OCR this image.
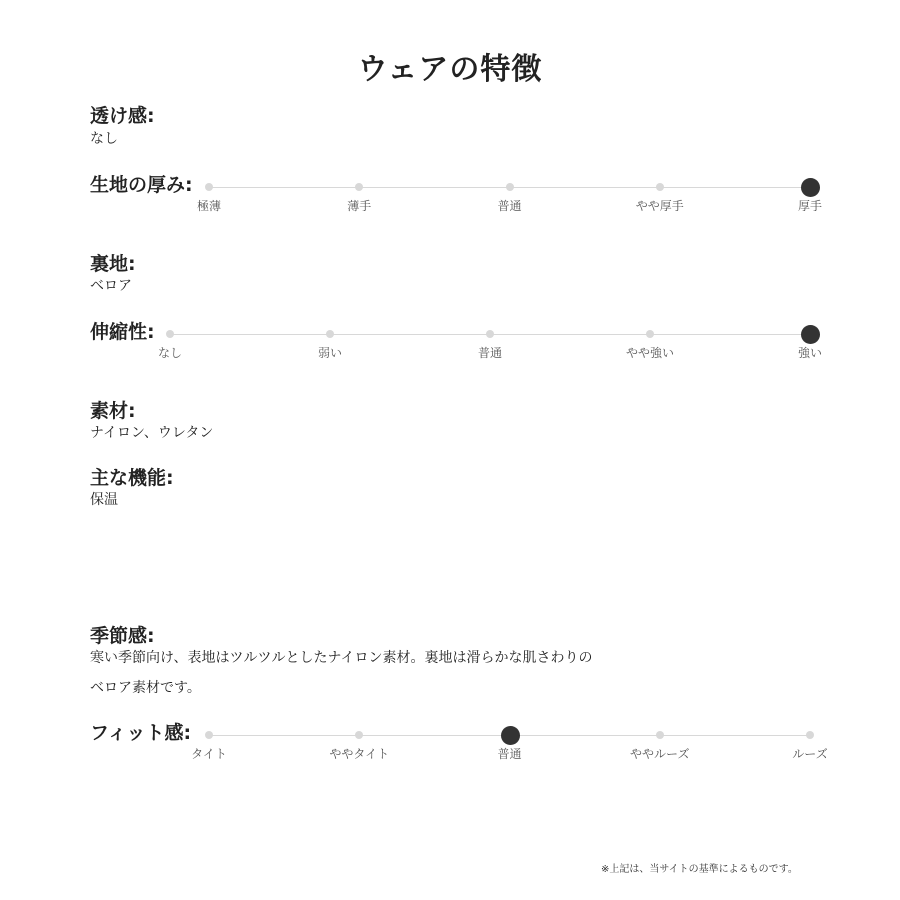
ウェアの特徴
透け感:
なし
生地の厚み:
極薄	薄手	普通	やや厚手	厚手
裏地:
ベロア
伸縮性:
なし	弱い	普通	やや強い	強い
素材:
ナイロン、ウレタン
主な機能:
保温
季節感:
寒い季節向け、表地はツルツルとしたナイロン素材。裏地は滑らかな肌さわりの
ベロア素材です。
フィット感:
タイト	ややタイト	普通	ややルーズ	ルーズ
※上記は、当サイトの基準によるものです。
